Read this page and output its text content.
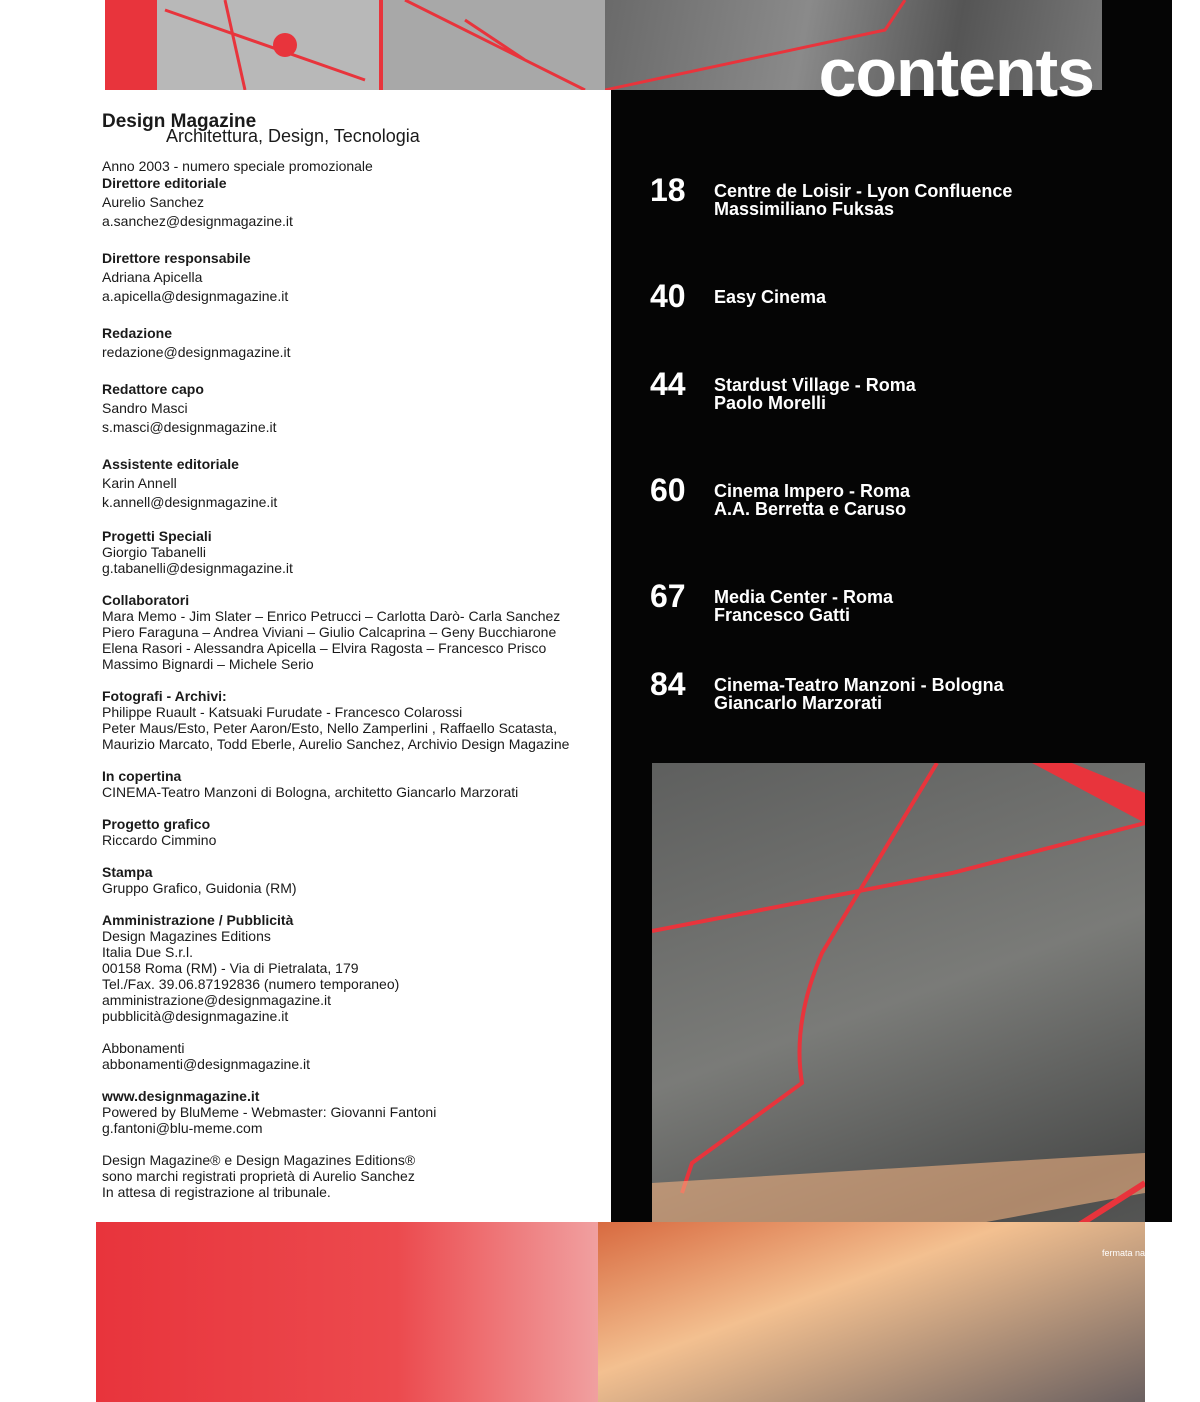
contents
Design Magazine
Architettura, Design, Tecnologia
Anno 2003 - numero speciale promozionale
Direttore editoriale
Aurelio Sanchez
a.sanchez@designmagazine.it
Direttore responsabile
Adriana Apicella
a.apicella@designmagazine.it
Redazione
redazione@designmagazine.it
Redattore capo
Sandro Masci
s.masci@designmagazine.it
Assistente editoriale
Karin Annell
k.annell@designmagazine.it
Progetti Speciali
Giorgio Tabanelli
g.tabanelli@designmagazine.it
Collaboratori
Mara Memo - Jim Slater – Enrico Petrucci – Carlotta Darò- Carla Sanchez
Piero Faraguna – Andrea Viviani – Giulio Calcaprina – Geny Bucchiarone
Elena Rasori - Alessandra Apicella – Elvira Ragosta – Francesco Prisco
Massimo Bignardi – Michele Serio
Fotografi - Archivi:
Philippe Ruault - Katsuaki Furudate - Francesco Colarossi
Peter Maus/Esto, Peter Aaron/Esto, Nello Zamperlini , Raffaello Scatasta,
Maurizio Marcato, Todd Eberle, Aurelio Sanchez, Archivio Design Magazine
In copertina
CINEMA-Teatro Manzoni di Bologna, architetto Giancarlo Marzorati
Progetto grafico
Riccardo Cimmino
Stampa
Gruppo Grafico, Guidonia (RM)
Amministrazione / Pubblicità
Design Magazines Editions
Italia Due S.r.l.
00158 Roma (RM) - Via di Pietralata, 179
Tel./Fax. 39.06.87192836 (numero temporaneo)
amministrazione@designmagazine.it
pubblicità@designmagazine.it
Abbonamenti
abbonamenti@designmagazine.it
www.designmagazine.it
Powered by BluMeme - Webmaster: Giovanni Fantoni
g.fantoni@blu-meme.com
Design Magazine® e Design Magazines Editions®
sono marchi registrati proprietà di Aurelio Sanchez
In attesa di registrazione al tribunale.
18 Centre de Loisir - Lyon Confluence
Massimiliano Fuksas
40 Easy Cinema
44 Stardust Village - Roma
Paolo Morelli
60 Cinema Impero - Roma
A.A. Berretta e Caruso
67 Media Center - Roma
Francesco Gatti
84 Cinema-Teatro Manzoni - Bologna
Giancarlo Marzorati
fermata na
